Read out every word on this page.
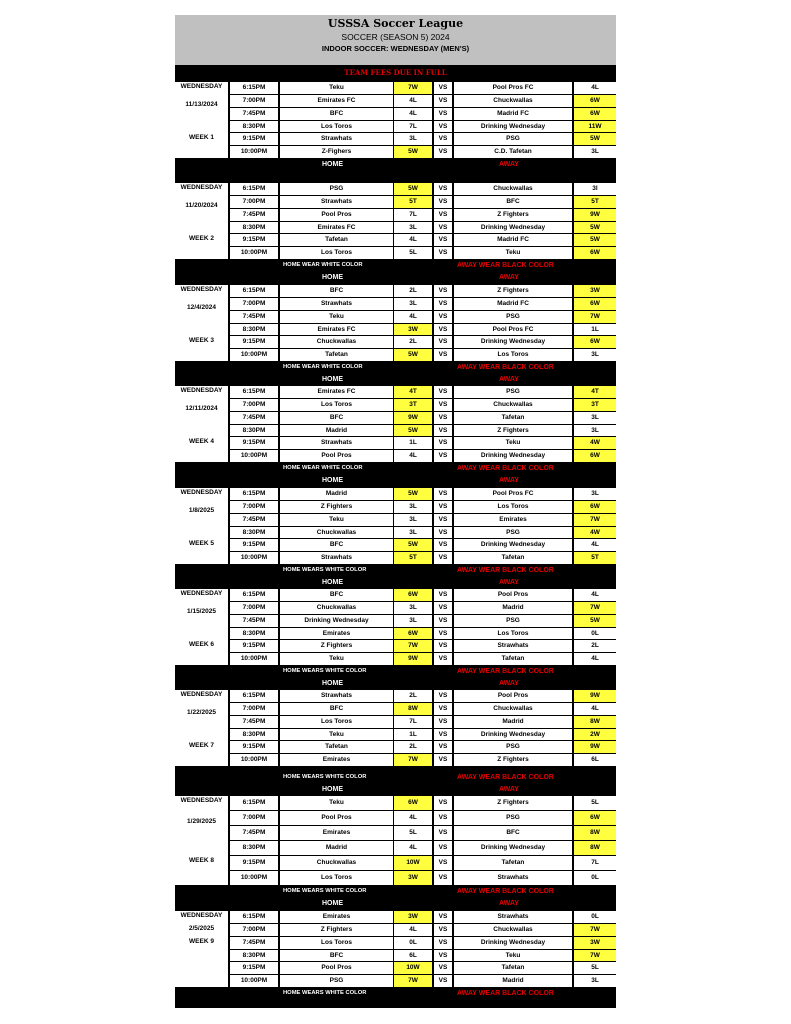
USSSA Soccer League
SOCCER (SEASON 5) 2024
INDOOR SOCCER: WEDNESDAY (MEN'S)
TEAM FEES DUE IN FULL
WEDNESDAY
11/13/2024
WEEK 1
6:15PM	Teku	7W	VS	Pool Pros FC	4L
7:00PM	Emirates FC	4L	VS	Chuckwallas	6W
7:45PM	BFC	4L	VS	Madrid FC	6W
8:30PM	Los Toros	7L	VS	Drinking Wednesday	11W
9:15PM	Strawhats	3L	VS	PSG	5W
10:00PM	Z-Fighers	5W	VS	C.D. Tafetan	3L
HOME	AWAY
WEDNESDAY
11/20/2024
WEEK 2
6:15PM	PSG	5W	VS	Chuckwallas	3l
7:00PM	Strawhats	5T	VS	BFC	5T
7:45PM	Pool Pros	7L	VS	Z Fighters	9W
8:30PM	Emirates FC	3L	VS	Drinking Wednesday	5W
9:15PM	Tafetan	4L	VS	Madrid FC	5W
10:00PM	Los Toros	5L	VS	Teku	6W
HOME WEAR WHITE COLOR	AWAY WEAR BLACK COLOR
HOME	AWAY
WEDNESDAY
12/4/2024
WEEK 3
6:15PM	BFC	2L	VS	Z Fighters	3W
7:00PM	Strawhats	3L	VS	Madrid FC	6W
7:45PM	Teku	4L	VS	PSG	7W
8:30PM	Emirates FC	3W	VS	Pool Pros FC	1L
9:15PM	Chuckwallas	2L	VS	Drinking Wednesday	6W
10:00PM	Tafetan	5W	VS	Los Toros	3L
HOME WEAR WHITE COLOR	AWAY WEAR BLACK COLOR
HOME	AWAY
WEDNESDAY
12/11/2024
WEEK 4
6:15PM	Emirates FC	4T	VS	PSG	4T
7:00PM	Los Toros	3T	VS	Chuckwallas	3T
7:45PM	BFC	9W	VS	Tafetan	3L
8:30PM	Madrid	5W	VS	Z Fighters	3L
9:15PM	Strawhats	1L	VS	Teku	4W
10:00PM	Pool Pros	4L	VS	Drinking Wednesday	6W
HOME WEAR WHITE COLOR	AWAY WEAR BLACK COLOR
HOME	AWAY
WEDNESDAY
1/8/2025
WEEK 5
6:15PM	Madrid	5W	VS	Pool Pros FC	3L
7:00PM	Z Fighters	3L	VS	Los Toros	6W
7:45PM	Teku	3L	VS	Emirates	7W
8:30PM	Chuckwallas	3L	VS	PSG	4W
9:15PM	BFC	5W	VS	Drinking Wednesday	4L
10:00PM	Strawhats	5T	VS	Tafetan	5T
HOME WEARS WHITE COLOR	AWAY WEAR BLACK COLOR
HOME	AWAY
WEDNESDAY
1/15/2025
WEEK 6
6:15PM	BFC	6W	VS	Pool Pros	4L
7:00PM	Chuckwallas	3L	VS	Madrid	7W
7:45PM	Drinking Wednesday	3L	VS	PSG	5W
8:30PM	Emirates	6W	VS	Los Toros	0L
9:15PM	Z Fighters	7W	VS	Strawhats	2L
10:00PM	Teku	9W	VS	Tafetan	4L
HOME WEARS WHITE COLOR	AWAY WEAR BLACK COLOR
HOME	AWAY
WEDNESDAY
1/22/2025
WEEK 7
6:15PM	Strawhats	2L	VS	Pool Pros	9W
7:00PM	BFC	8W	VS	Chuckwallas	4L
7:45PM	Los Toros	7L	VS	Madrid	8W
8:30PM	Teku	1L	VS	Drinking Wednesday	2W
9:15PM	Tafetan	2L	VS	PSG	9W
10:00PM	Emirates	7W	VS	Z Fighters	6L
HOME WEARS WHITE COLOR	AWAY WEAR BLACK COLOR
HOME	AWAY
WEDNESDAY
1/29/2025
WEEK 8
6:15PM	Teku	6W	VS	Z Fighters	5L
7:00PM	Pool Pros	4L	VS	PSG	6W
7:45PM	Emirates	5L	VS	BFC	8W
8:30PM	Madrid	4L	VS	Drinking Wednesday	8W
9:15PM	Chuckwallas	10W	VS	Tafetan	7L
10:00PM	Los Toros	3W	VS	Strawhats	0L
HOME WEARS WHITE COLOR	AWAY WEAR BLACK COLOR
HOME	AWAY
WEDNESDAY
2/5/2025
WEEK 9
6:15PM	Emirates	3W	VS	Strawhats	0L
7:00PM	Z Fighters	4L	VS	Chuckwallas	7W
7:45PM	Los Toros	0L	VS	Drinking Wednesday	3W
8:30PM	BFC	6L	VS	Teku	7W
9:15PM	Pool Pros	10W	VS	Tafetan	5L
10:00PM	PSG	7W	VS	Madrid	3L
HOME WEARS WHITE COLOR	AWAY WEAR BLACK COLOR
